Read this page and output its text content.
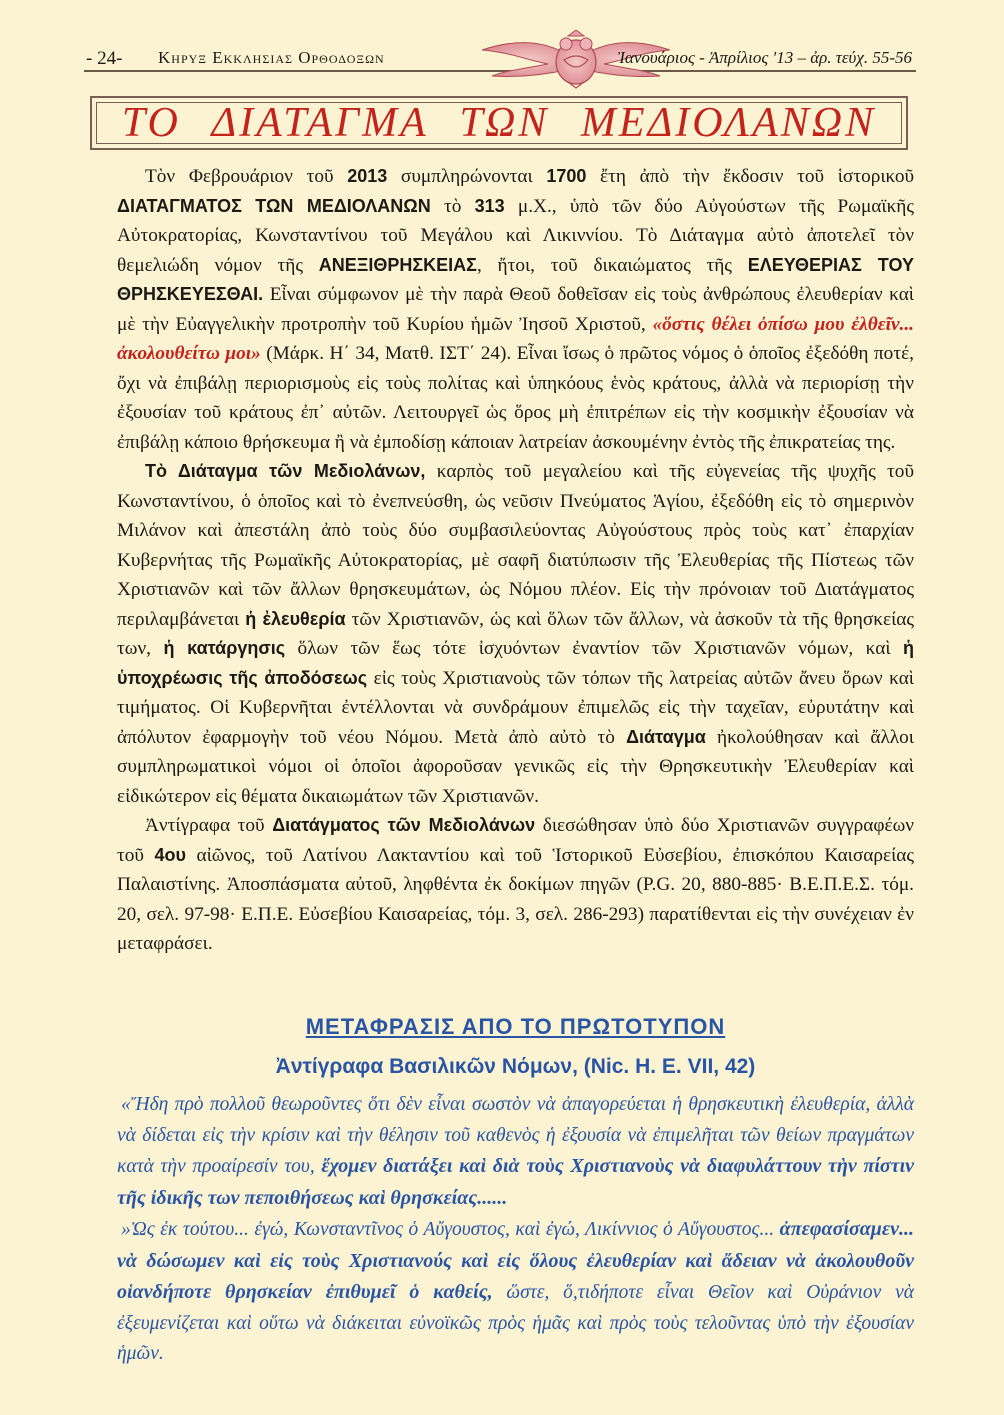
- 24- Κηρυξ Εκκλησιας Ορθοδοξων	Ἰανουάριος - Ἀπρίλιος '13 – ἀρ. τεύχ. 55-56
ΤΟ ΔΙΑΤΑΓΜΑ ΤΩΝ ΜΕΔΙΟΛΑΝΩΝ

Τὸν Φεβρουάριον τοῦ 2013 συμπληρώνονται 1700 ἔτη ἀπὸ τὴν ἔκδοσιν τοῦ ἱστορικοῦ ΔΙΑΤΑΓΜΑΤΟΣ ΤΩΝ ΜΕΔΙΟΛΑΝΩΝ τὸ 313 μ.Χ., ὑπὸ τῶν δύο Αὐγούστων τῆς Ρωμαϊκῆς Αὐτοκρατορίας, Κωνσταντίνου τοῦ Μεγάλου καὶ Λικιννίου. Τὸ Διάταγμα αὐτὸ ἀποτελεῖ τὸν θεμελιώδη νόμον τῆς ΑΝΕΞΙΘΡΗΣΚΕΙΑΣ, ἤτοι, τοῦ δικαιώματος τῆς ΕΛΕΥΘΕΡΙΑΣ ΤΟΥ ΘΡΗΣΚΕΥΕΣΘΑΙ. Εἶναι σύμφωνον μὲ τὴν παρὰ Θεοῦ δοθεῖσαν εἰς τοὺς ἀνθρώπους ἐλευθερίαν καὶ μὲ τὴν Εὐαγγελικὴν προτροπὴν τοῦ Κυρίου ἡμῶν Ἰησοῦ Χριστοῦ, «ὅστις θέλει ὀπίσω μου ἐλθεῖν... ἀκολουθείτω μοι» (Μάρκ. Η΄ 34, Ματθ. ΙΣΤ΄ 24). Εἶναι ἴσως ὁ πρῶτος νόμος ὁ ὁποῖος ἐξεδόθη ποτέ, ὄχι νὰ ἐπιβάλῃ περιορισμοὺς εἰς τοὺς πολίτας καὶ ὑπηκόους ἑνὸς κράτους, ἀλλὰ νὰ περιορίσῃ τὴν ἐξουσίαν τοῦ κράτους ἐπ᾽ αὐτῶν. Λειτουργεῖ ὡς ὅρος μὴ ἐπιτρέπων εἰς τὴν κοσμικὴν ἐξουσίαν νὰ ἐπιβάλῃ κάποιο θρήσκευμα ἢ νὰ ἐμποδίσῃ κάποιαν λατρείαν ἀσκουμένην ἐντὸς τῆς ἐπικρατείας της.

Τὸ Διάταγμα τῶν Μεδιολάνων, καρπὸς τοῦ μεγαλείου καὶ τῆς εὐγενείας τῆς ψυχῆς τοῦ Κωνσταντίνου, ὁ ὁποῖος καὶ τὸ ἐνεπνεύσθη, ὡς νεῦσιν Πνεύματος Ἁγίου, ἐξεδόθη εἰς τὸ σημερινὸν Μιλάνον καὶ ἀπεστάλη ἀπὸ τοὺς δύο συμβασιλεύοντας Αὐγούστους πρὸς τοὺς κατ᾽ ἐπαρχίαν Κυβερνήτας τῆς Ρωμαϊκῆς Αὐτοκρατορίας, μὲ σαφῆ διατύπωσιν τῆς Ἐλευθερίας τῆς Πίστεως τῶν Χριστιανῶν καὶ τῶν ἄλλων θρησκευμάτων, ὡς Νόμου πλέον. Εἰς τὴν πρόνοιαν τοῦ Διατάγματος περιλαμβάνεται ἡ ἐλευθερία τῶν Χριστιανῶν, ὡς καὶ ὅλων τῶν ἄλλων, νὰ ἀσκοῦν τὰ τῆς θρησκείας των, ἡ κατάργησις ὅλων τῶν ἕως τότε ἰσχυόντων ἐναντίον τῶν Χριστιανῶν νόμων, καὶ ἡ ὑποχρέωσις τῆς ἀποδόσεως εἰς τοὺς Χριστιανοὺς τῶν τόπων τῆς λατρείας αὐτῶν ἄνευ ὅρων καὶ τιμήματος. Οἱ Κυβερνῆται ἐντέλλονται νὰ συνδράμουν ἐπιμελῶς εἰς τὴν ταχεῖαν, εὐρυτάτην καὶ ἀπόλυτον ἐφαρμογὴν τοῦ νέου Νόμου. Μετὰ ἀπὸ αὐτὸ τὸ Διάταγμα ἠκολούθησαν καὶ ἄλλοι συμπληρωματικοὶ νόμοι οἱ ὁποῖοι ἀφοροῦσαν γενικῶς εἰς τὴν Θρησκευτικὴν Ἐλευθερίαν καὶ εἰδικώτερον εἰς θέματα δικαιωμάτων τῶν Χριστιανῶν.

Ἀντίγραφα τοῦ Διατάγματος τῶν Μεδιολάνων διεσώθησαν ὑπὸ δύο Χριστιανῶν συγγραφέων τοῦ 4ου αἰῶνος, τοῦ Λατίνου Λακταντίου καὶ τοῦ Ἱστορικοῦ Εὐσεβίου, ἐπισκόπου Καισαρείας Παλαιστίνης. Ἀποσπάσματα αὐτοῦ, ληφθέντα ἐκ δοκίμων πηγῶν (P.G. 20, 880-885· Β.Ε.Π.Ε.Σ. τόμ. 20, σελ. 97-98· Ε.Π.Ε. Εὐσεβίου Καισαρείας, τόμ. 3, σελ. 286-293) παρατίθενται εἰς τὴν συνέχειαν ἐν μεταφράσει.

ΜΕΤΑΦΡΑΣΙΣ ΑΠΟ ΤΟ ΠΡΩΤΟΤΥΠΟΝ
Ἀντίγραφα Βασιλικῶν Νόμων, (Nic. H. E. VII, 42)

«Ἤδη πρὸ πολλοῦ θεωροῦντες ὅτι δὲν εἶναι σωστὸν νὰ ἀπαγορεύεται ἡ θρησκευτικὴ ἐλευθερία, ἀλλὰ νὰ δίδεται εἰς τὴν κρίσιν καὶ τὴν θέλησιν τοῦ καθενὸς ἡ ἐξουσία νὰ ἐπιμελῆται τῶν θείων πραγμάτων κατὰ τὴν προαίρεσίν του, ἔχομεν διατάξει καὶ διὰ τοὺς Χριστιανοὺς νὰ διαφυλάττουν τὴν πίστιν τῆς ἰδικῆς των πεποιθήσεως καὶ θρησκείας......

»Ὡς ἐκ τούτου... ἐγώ, Κωνσταντῖνος ὁ Αὔγουστος, καὶ ἐγώ, Λικίννιος ὁ Αὔγουστος... ἀπεφασίσαμεν... νὰ δώσωμεν καὶ εἰς τοὺς Χριστιανούς καὶ εἰς ὅλους ἐλευθερίαν καὶ ἄδειαν νὰ ἀκολουθοῦν οἱανδήποτε θρησκείαν ἐπιθυμεῖ ὁ καθείς, ὥστε, ὅ,τιδήποτε εἶναι Θεῖον καὶ Οὐράνιον νὰ ἐξευμενίζεται καὶ οὕτω νὰ διάκειται εὐνοϊκῶς πρὸς ἡμᾶς καὶ πρὸς τοὺς τελοῦντας ὑπὸ τὴν ἐξουσίαν ἡμῶν.
